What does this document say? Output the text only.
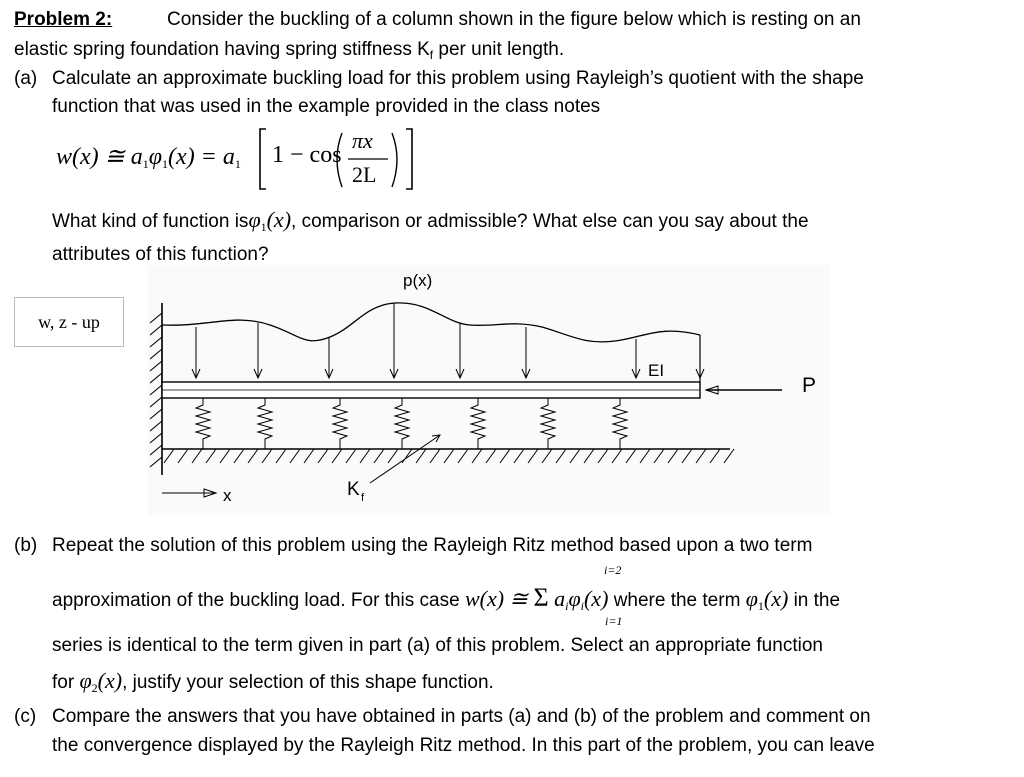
Problem 2:	Consider the buckling of a column shown in the figure below which is resting on an
elastic spring foundation having spring stiffness $K_f$ per unit length.
(a) Calculate an approximate buckling load for this problem using Rayleigh’s quotient with the shape
function that was used in the example provided in the class notes
w(x) ≅ $a_1\varphi_1(x) = a_1$ 1 − cos
πx
2L
What kind of function isφ$_1$(x), comparison or admissible? What else can you say about the
attributes of this function?
w, z - up
p(x)
EI
P
K f
x
(b) Repeat the solution of this problem using the Rayleigh Ritz method based upon a two term
approximation of the buckling load. For this case w(x) ≅ Σ $a_i\varphi_i(x)$ where the term $\varphi_1(x)$ in the
i=2
i=1
series is identical to the term given in part (a) of this problem. Select an appropriate function
for $\varphi_2(x)$, justify your selection of this shape function.
(c) Compare the answers that you have obtained in parts (a) and (b) of the problem and comment on
the convergence displayed by the Rayleigh Ritz method. In this part of the problem, you can leave
